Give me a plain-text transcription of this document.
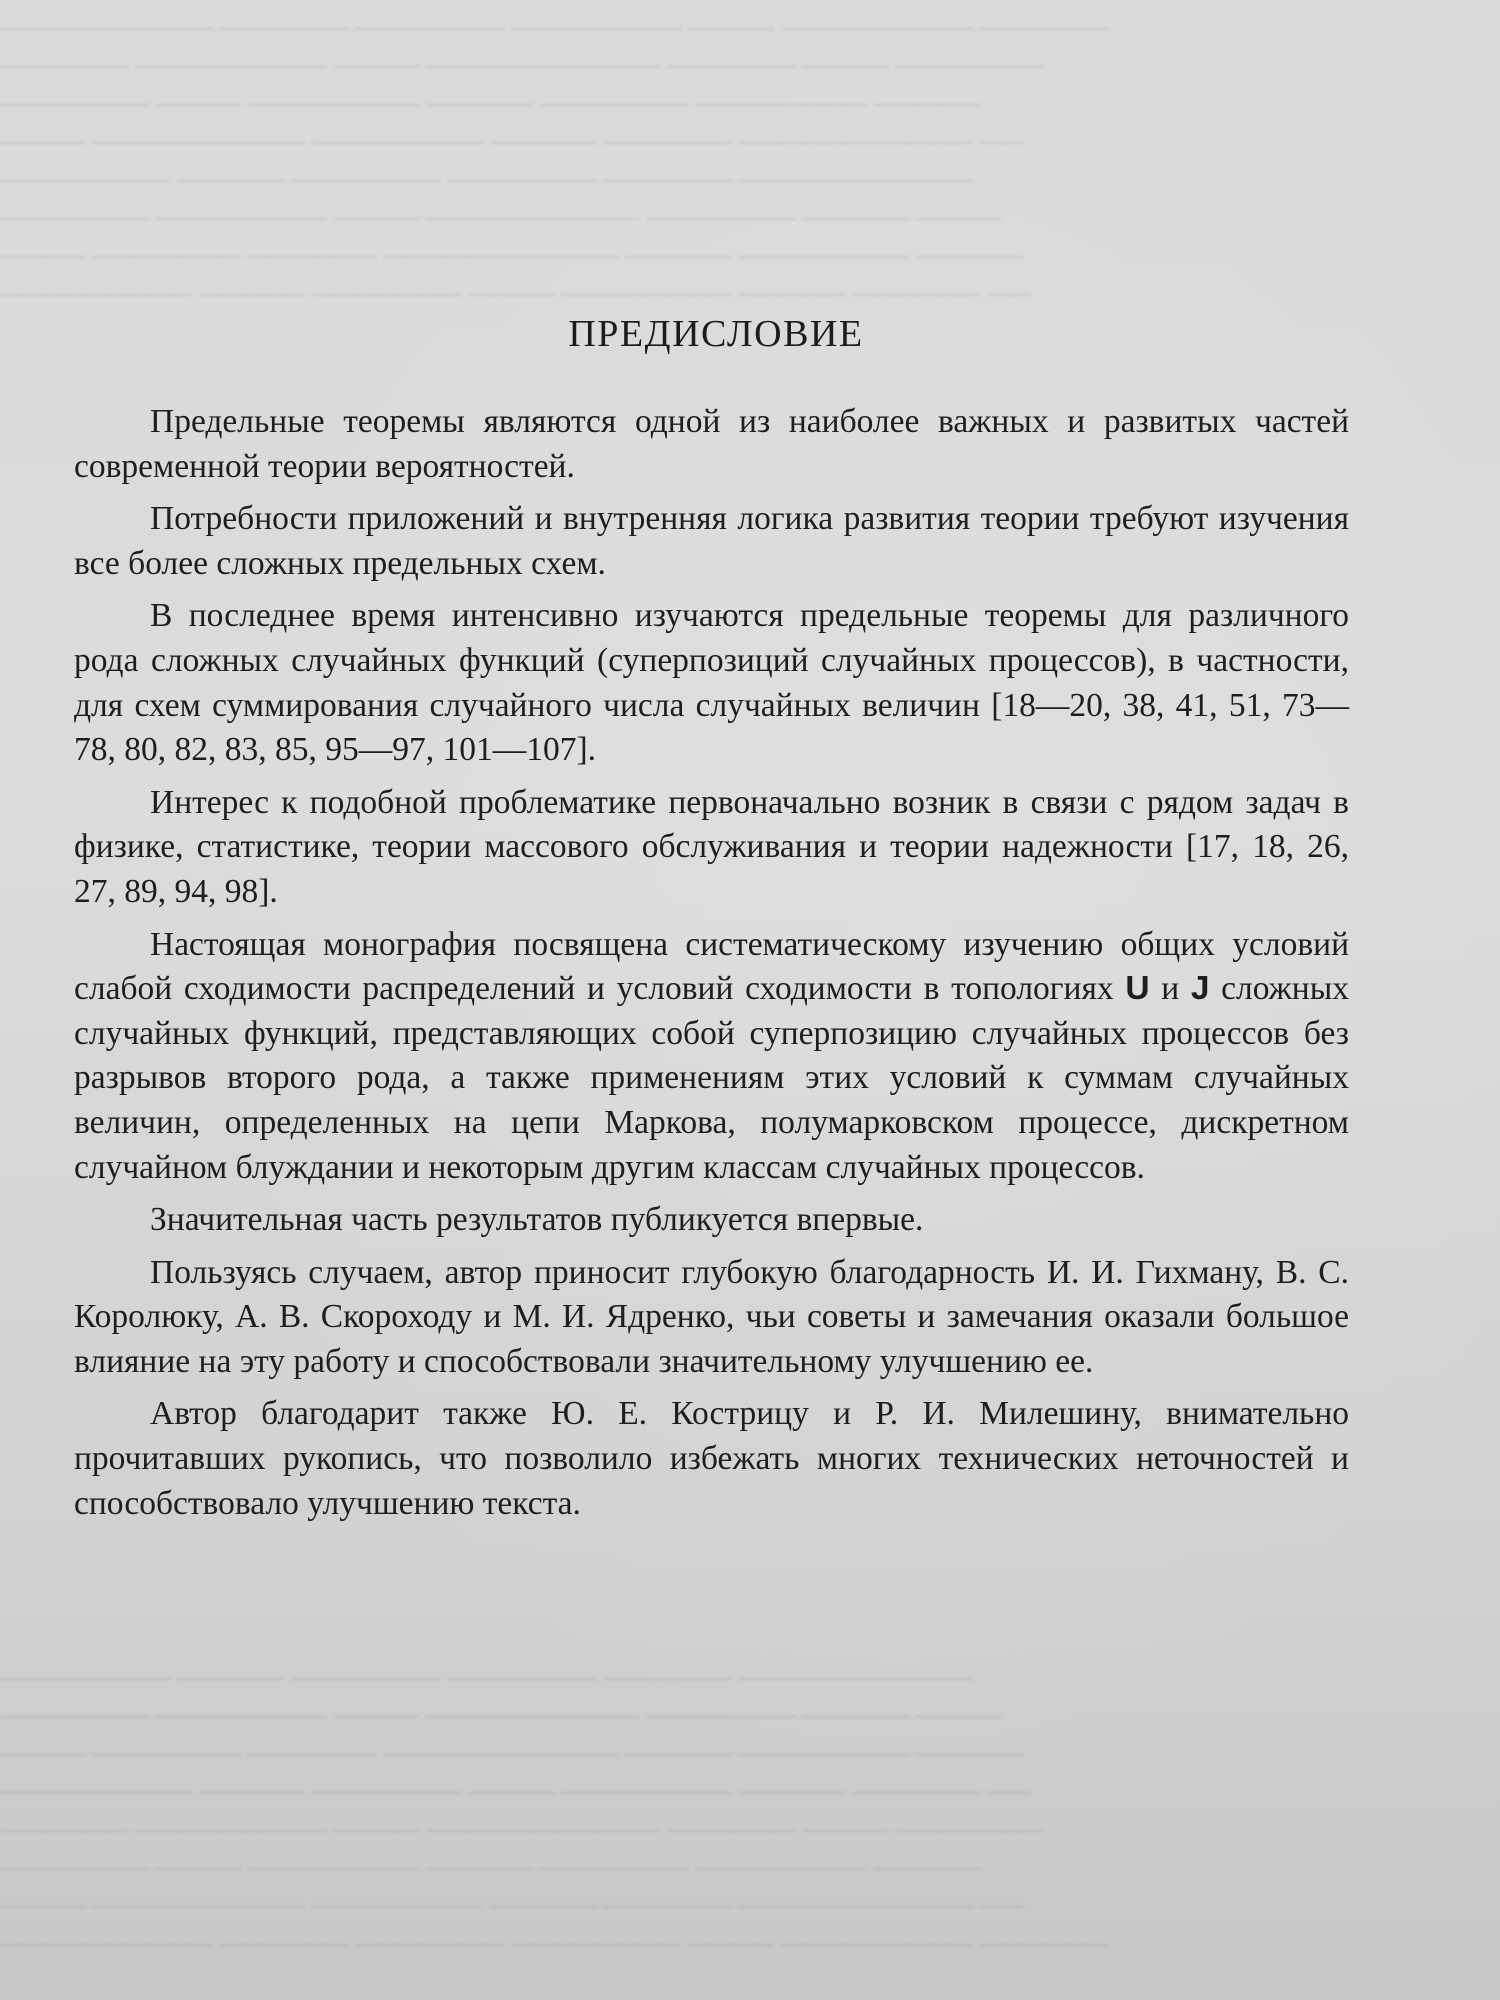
────────── ────── ─────── ──────── ──── ───────── ──────
────── ───────── ──── ─────────── ────── ──── ───────
─────── ──── ──────── ───── ─────── ──────── ─────
──── ────────── ──────── ───── ────── ─────────── ──
──────── ───── ─────── ─────── ────── ───────────
─────── ──────── ──── ────────── ─────── ───── ────
──── ─────── ────── ─────────── ───── ──────── ─────
───────── ───── ─────── ──── ──────── ───── ────── ──
──────── ───── ─────── ─────── ────── ───────────
─────── ──────── ──── ────────── ─────── ───── ────
──── ─────── ────── ─────────── ───── ──────── ─────
───────── ───── ─────── ──── ──────── ───── ────── ──
────── ───────── ──── ─────────── ────── ──── ───────
─────── ──── ──────── ───── ─────── ──────── ─────
──── ────────── ──────── ───── ────── ─────────── ──
────────── ────── ─────── ──────── ──── ───────── ──────
ПРЕДИСЛОВИЕ

Предельные теоремы являются одной из наиболее важных и развитых частей современной теории вероятностей.

Потребности приложений и внутренняя логика развития теории требуют изучения все более сложных предельных схем.

В последнее время интенсивно изучаются предельные теоремы для различного рода сложных случайных функций (суперпозиций случайных процессов), в частности, для схем суммирования случайного числа случайных величин [18—20, 38, 41, 51, 73—78, 80, 82, 83, 85, 95—97, 101—107].

Интерес к подобной проблематике первоначально возник в связи с рядом задач в физике, статистике, теории массового обслуживания и теории надежности [17, 18, 26, 27, 89, 94, 98].

Настоящая монография посвящена систематическому изучению общих условий слабой сходимости распределений и условий сходимости в топологиях U и J сложных случайных функций, представляющих собой суперпозицию случайных процессов без разрывов второго рода, а также применениям этих условий к суммам случайных величин, определенных на цепи Маркова, полумарковском процессе, дискретном случайном блуждании и некоторым другим классам случайных процессов.

Значительная часть результатов публикуется впервые.

Пользуясь случаем, автор приносит глубокую благодарность И. И. Гихману, В. С. Королюку, А. В. Скороходу и М. И. Ядренко, чьи советы и замечания оказали большое влияние на эту работу и способствовали значительному улучшению ее.

Автор благодарит также Ю. Е. Кострицу и Р. И. Милешину, внимательно прочитавших рукопись, что позволило избежать многих технических неточностей и способствовало улучшению текста.
